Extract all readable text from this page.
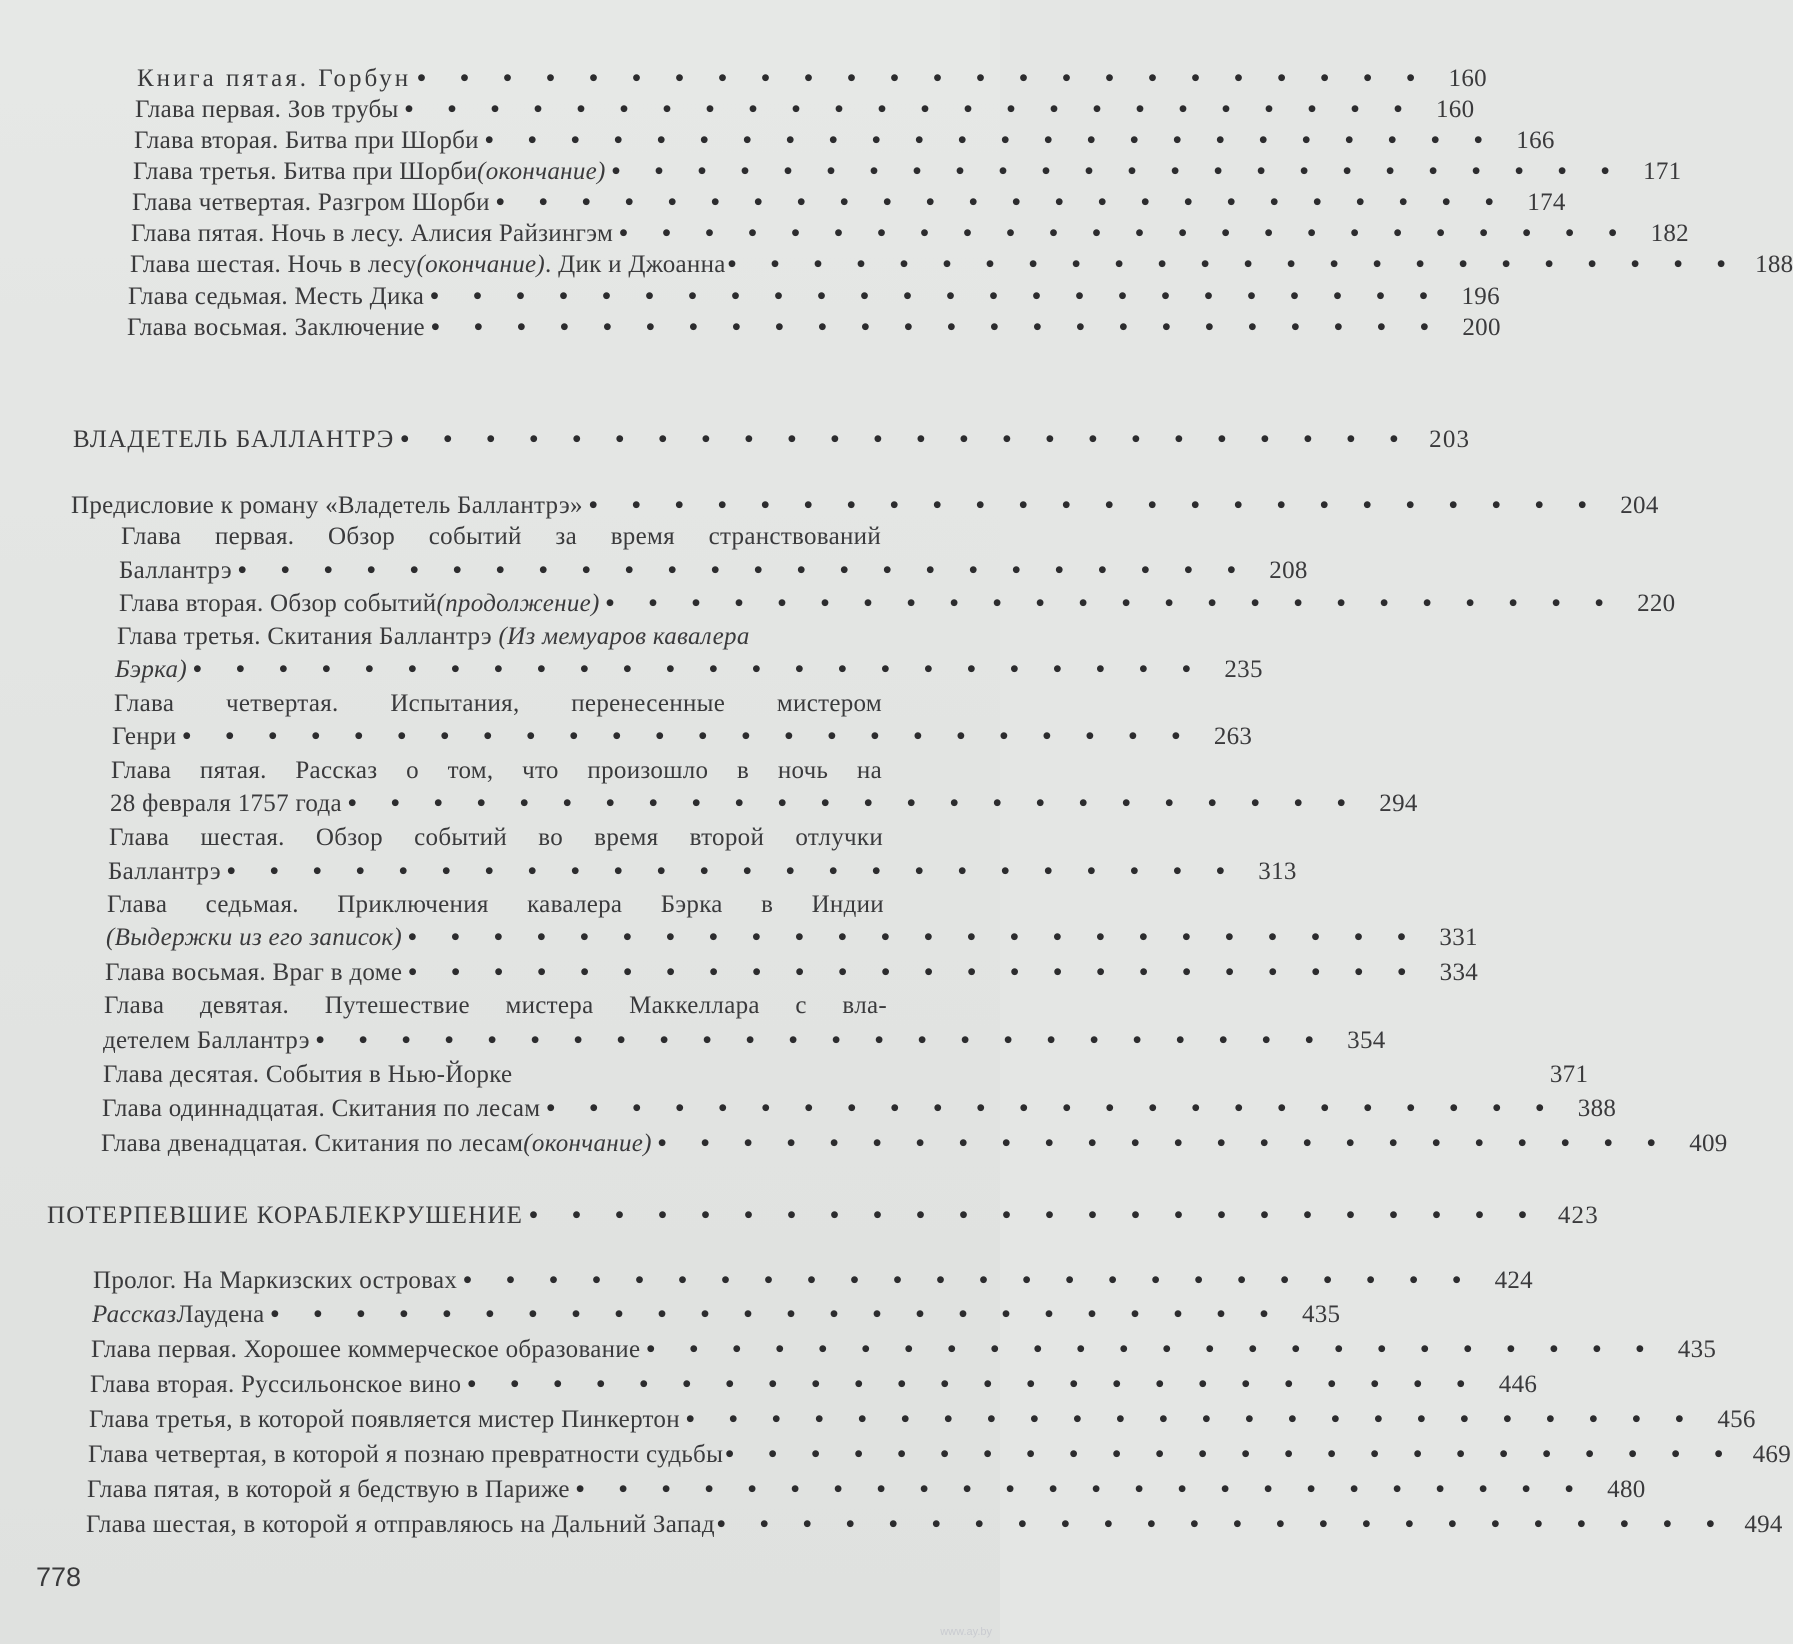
Книга пятая. Горбун • • • • • • • • • • • • • • • • • • • • • • • • 160
Глава первая. Зов трубы • • • • • • • • • • • • • • • • • • • • • • • • 160
Глава вторая. Битва при Шорби • • • • • • • • • • • • • • • • • • • • • • • • 166
Глава третья. Битва при Шорби (окончание) • • • • • • • • • • • • • • • • • • • • • • • • 171
Глава четвертая. Разгром Шорби • • • • • • • • • • • • • • • • • • • • • • • • 174
Глава пятая. Ночь в лесу. Алисия Райзингэм • • • • • • • • • • • • • • • • • • • • • • • • 182
Глава шестая. Ночь в лесу (окончание) . Дик и Джоанна • • • • • • • • • • • • • • • • • • • • • • • • 188
Глава седьмая. Месть Дика • • • • • • • • • • • • • • • • • • • • • • • • 196
Глава восьмая. Заключение • • • • • • • • • • • • • • • • • • • • • • • • 200
ВЛАДЕТЕЛЬ БАЛЛАНТРЭ • • • • • • • • • • • • • • • • • • • • • • • • 203
Предисловие к роману «Владетель Баллантрэ» • • • • • • • • • • • • • • • • • • • • • • • • 204
Глава первая. Обзор событий за время странствований
Баллантрэ • • • • • • • • • • • • • • • • • • • • • • • • 208
Глава вторая. Обзор событий (продолжение) • • • • • • • • • • • • • • • • • • • • • • • • 220
Глава третья. Скитания Баллантрэ (Из мемуаров кавалера
Бэрка) • • • • • • • • • • • • • • • • • • • • • • • • 235
Глава четвертая. Испытания, перенесенные мистером
Генри • • • • • • • • • • • • • • • • • • • • • • • • 263
Глава пятая. Рассказ о том, что произошло в ночь на
28 февраля 1757 года • • • • • • • • • • • • • • • • • • • • • • • • 294
Глава шестая. Обзор событий во время второй отлучки
Баллантрэ • • • • • • • • • • • • • • • • • • • • • • • • 313
Глава седьмая. Приключения кавалера Бэрка в Индии
(Выдержки из его записок) • • • • • • • • • • • • • • • • • • • • • • • • 331
Глава восьмая. Враг в доме • • • • • • • • • • • • • • • • • • • • • • • • 334
Глава девятая. Путешествие мистера Маккеллара с вла-
детелем Баллантрэ • • • • • • • • • • • • • • • • • • • • • • • • 354
Глава десятая. События в Нью-Йорке	371
Глава одиннадцатая. Скитания по лесам • • • • • • • • • • • • • • • • • • • • • • • • 388
Глава двенадцатая. Скитания по лесам (окончание) • • • • • • • • • • • • • • • • • • • • • • • • 409
ПОТЕРПЕВШИЕ КОРАБЛЕКРУШЕНИЕ • • • • • • • • • • • • • • • • • • • • • • • • 423
Пролог. На Маркизских островах • • • • • • • • • • • • • • • • • • • • • • • • 424
Рассказ Лаудена • • • • • • • • • • • • • • • • • • • • • • • • 435
Глава первая. Хорошее коммерческое образование • • • • • • • • • • • • • • • • • • • • • • • • 435
Глава вторая. Руссильонское вино • • • • • • • • • • • • • • • • • • • • • • • • 446
Глава третья, в которой появляется мистер Пинкертон • • • • • • • • • • • • • • • • • • • • • • • • 456
Глава четвертая, в которой я познаю превратности судьбы • • • • • • • • • • • • • • • • • • • • • • • • 469
Глава пятая, в которой я бедствую в Париже • • • • • • • • • • • • • • • • • • • • • • • • 480
Глава шестая, в которой я отправляюсь на Дальний Запад • • • • • • • • • • • • • • • • • • • • • • • • 494
778
www.ay.by
